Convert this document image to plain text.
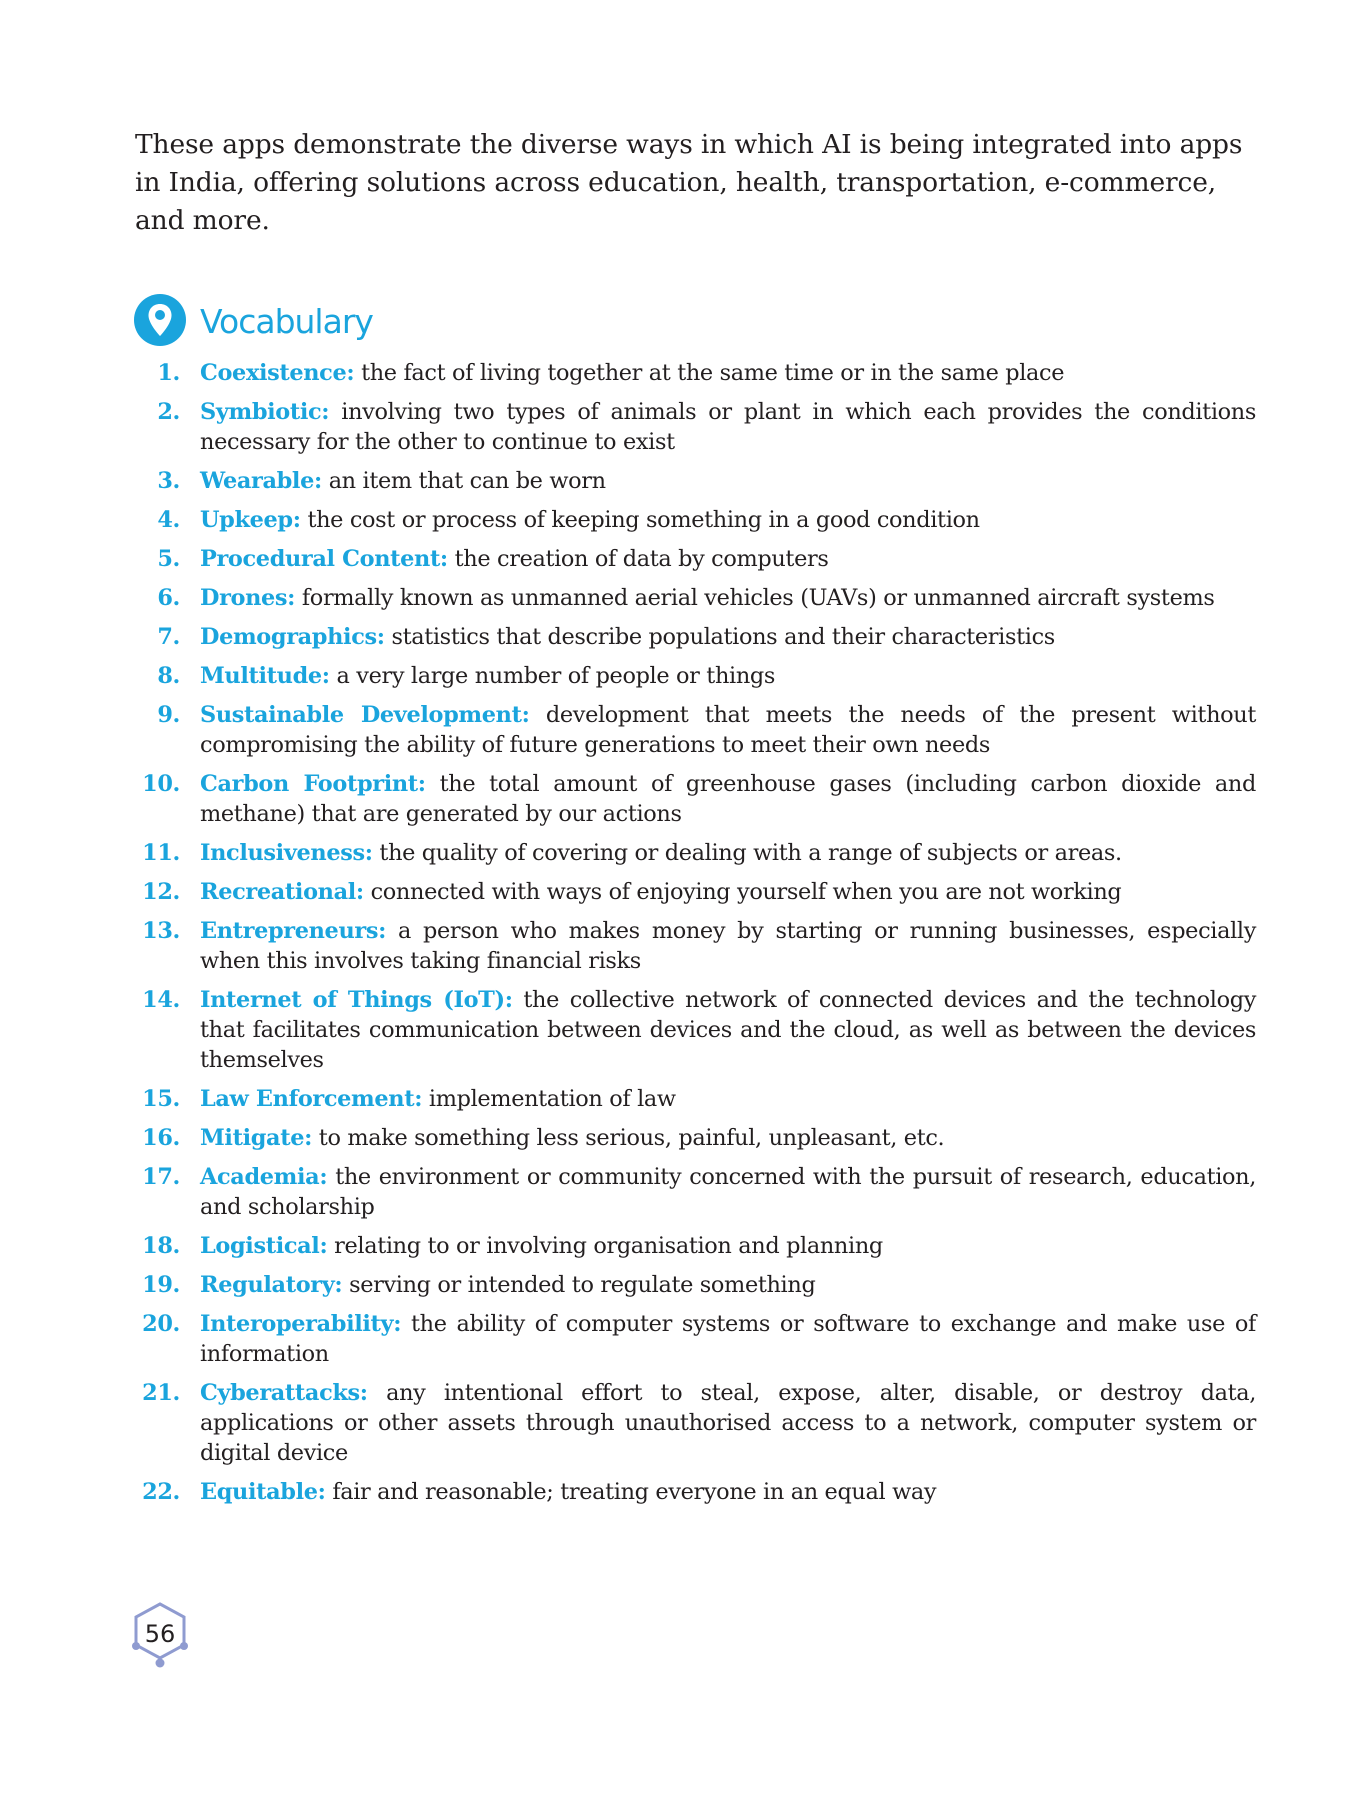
These apps demonstrate the diverse ways in which AI is being integrated into apps in India, offering solutions across education, health, transportation, e-commerce, and more.

Vocabulary
1. Coexistence: the fact of living together at the same time or in the same place
2. Symbiotic: involving two types of animals or plant in which each provides the conditions necessary for the other to continue to exist
3. Wearable: an item that can be worn
4. Upkeep: the cost or process of keeping something in a good condition
5. Procedural Content: the creation of data by computers
6. Drones: formally known as unmanned aerial vehicles (UAVs) or unmanned aircraft systems
7. Demographics: statistics that describe populations and their characteristics
8. Multitude: a very large number of people or things
9. Sustainable Development: development that meets the needs of the present without compromising the ability of future generations to meet their own needs
10. Carbon Footprint: the total amount of greenhouse gases (including carbon dioxide and methane) that are generated by our actions
11. Inclusiveness: the quality of covering or dealing with a range of subjects or areas.
12. Recreational: connected with ways of enjoying yourself when you are not working
13. Entrepreneurs: a person who makes money by starting or running businesses, especially when this involves taking financial risks
14. Internet of Things (IoT): the collective network of connected devices and the technology that facilitates communication between devices and the cloud, as well as between the devices themselves
15. Law Enforcement: implementation of law
16. Mitigate: to make something less serious, painful, unpleasant, etc.
17. Academia: the environment or community concerned with the pursuit of research, education, and scholarship
18. Logistical: relating to or involving organisation and planning
19. Regulatory: serving or intended to regulate something
20. Interoperability: the ability of computer systems or software to exchange and make use of information
21. Cyberattacks: any intentional effort to steal, expose, alter, disable, or destroy data, applications or other assets through unauthorised access to a network, computer system or digital device
22. Equitable: fair and reasonable; treating everyone in an equal way
56
